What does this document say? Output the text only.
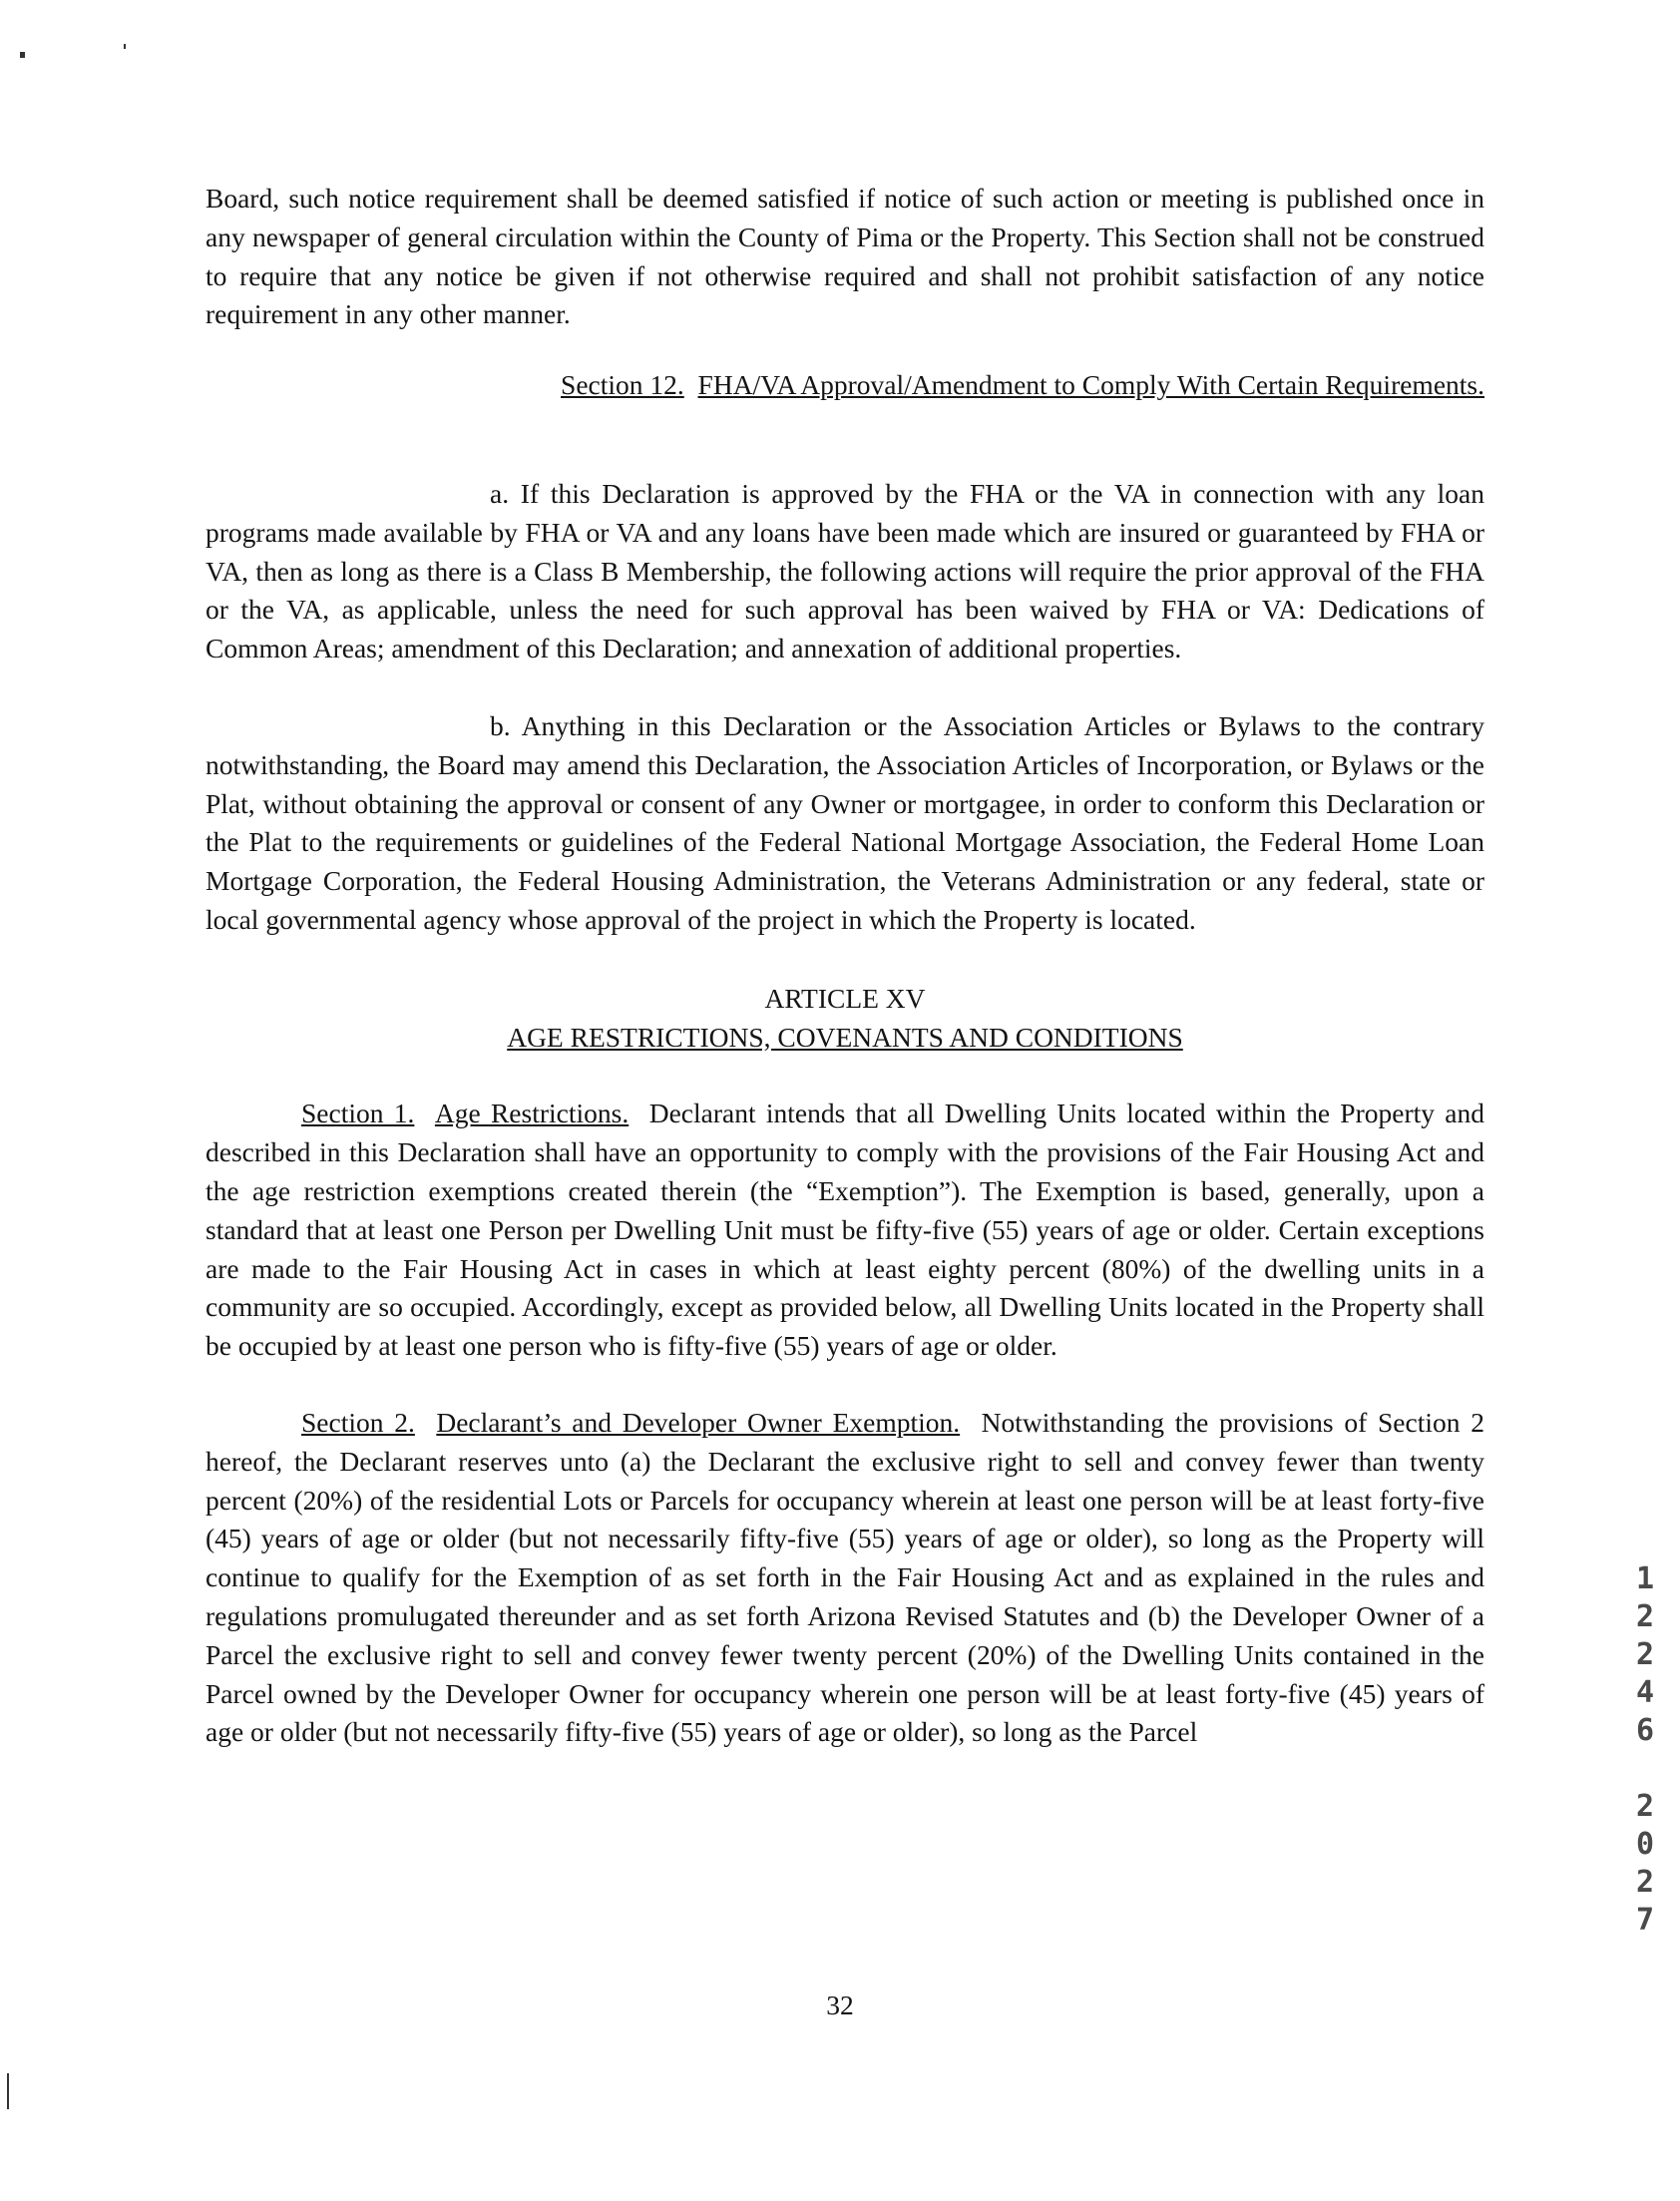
Board, such notice requirement shall be deemed satisfied if notice of such action or meeting is published once in any newspaper of general circulation within the County of Pima or the Property. This Section shall not be construed to require that any notice be given if not otherwise required and shall not prohibit satisfaction of any notice requirement in any other manner.

Section 12. FHA/VA Approval/Amendment to Comply With Certain Requirements.

a. If this Declaration is approved by the FHA or the VA in connection with any loan programs made available by FHA or VA and any loans have been made which are insured or guaranteed by FHA or VA, then as long as there is a Class B Membership, the following actions will require the prior approval of the FHA or the VA, as applicable, unless the need for such approval has been waived by FHA or VA: Dedications of Common Areas; amendment of this Declaration; and annexation of additional properties.

b. Anything in this Declaration or the Association Articles or Bylaws to the contrary notwithstanding, the Board may amend this Declaration, the Association Articles of Incorporation, or Bylaws or the Plat, without obtaining the approval or consent of any Owner or mortgagee, in order to conform this Declaration or the Plat to the requirements or guidelines of the Federal National Mortgage Association, the Federal Home Loan Mortgage Corporation, the Federal Housing Administration, the Veterans Administration or any federal, state or local governmental agency whose approval of the project in which the Property is located.

ARTICLE XV

AGE RESTRICTIONS, COVENANTS AND CONDITIONS

Section 1. Age Restrictions. Declarant intends that all Dwelling Units located within the Property and described in this Declaration shall have an opportunity to comply with the provisions of the Fair Housing Act and the age restriction exemptions created therein (the “Exemption”). The Exemption is based, generally, upon a standard that at least one Person per Dwelling Unit must be fifty-five (55) years of age or older. Certain exceptions are made to the Fair Housing Act in cases in which at least eighty percent (80%) of the dwelling units in a community are so occupied. Accordingly, except as provided below, all Dwelling Units located in the Property shall be occupied by at least one person who is fifty-five (55) years of age or older.

Section 2. Declarant’s and Developer Owner Exemption. Notwithstanding the provisions of Section 2 hereof, the Declarant reserves unto (a) the Declarant the exclusive right to sell and convey fewer than twenty percent (20%) of the residential Lots or Parcels for occupancy wherein at least one person will be at least forty-five (45) years of age or older (but not necessarily fifty-five (55) years of age or older), so long as the Property will continue to qualify for the Exemption of as set forth in the Fair Housing Act and as explained in the rules and regulations promulugated thereunder and as set forth Arizona Revised Statutes and (b) the Developer Owner of a Parcel the exclusive right to sell and convey fewer twenty percent (20%) of the Dwelling Units contained in the Parcel owned by the Developer Owner for occupancy wherein one person will be at least forty-five (45) years of age or older (but not necessarily fifty-five (55) years of age or older), so long as the Parcel

32
1
2
2
4
6
2
0
2
7
